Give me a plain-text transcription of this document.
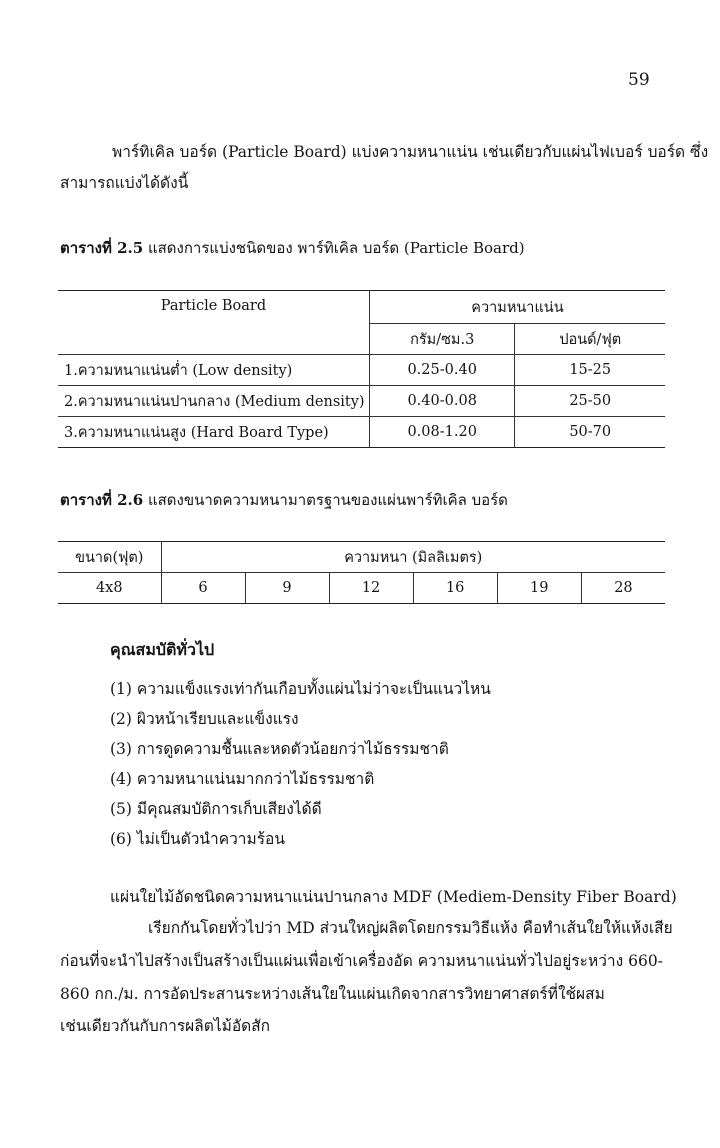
59
พาร์ทิเคิล บอร์ด (Particle Board) แบ่งความหนาแน่น เช่นเดียวกับแผ่นไฟเบอร์ บอร์ด ซึ่ง
สามารถแบ่งได้ดังนี้
ตารางที่ 2.5 แสดงการแบ่งชนิดของ พาร์ทิเคิล บอร์ด (Particle Board)
Particle Board	ความหนาแน่น	
	กรัม/ซม.3	ปอนด์/ฟุต
1.ความหนาแน่นต่ำ (Low density)	0.25-0.40	15-25
2.ความหนาแน่นปานกลาง (Medium density)	0.40-0.08	25-50
3.ความหนาแน่นสูง (Hard Board Type)	0.08-1.20	50-70
ตารางที่ 2.6 แสดงขนาดความหนามาตรฐานของแผ่นพาร์ทิเคิล บอร์ด
ขนาด(ฟุต)	ความหนา (มิลลิเมตร)					
4x8	6	9	12	16	19	28
คุณสมบัติทั่วไป
(1) ความแข็งแรงเท่ากันเกือบทั้งแผ่นไม่ว่าจะเป็นแนวไหน
(2) ผิวหน้าเรียบและแข็งแรง
(3) การดูดความชื้นและหดตัวน้อยกว่าไม้ธรรมชาติ
(4) ความหนาแน่นมากกว่าไม้ธรรมชาติ
(5) มีคุณสมบัติการเก็บเสียงได้ดี
(6) ไม่เป็นตัวนำความร้อน
แผ่นใยไม้อัดชนิดความหนาแน่นปานกลาง MDF (Mediem-Density Fiber Board)
เรียกกันโดยทั่วไปว่า MD ส่วนใหญ่ผลิตโดยกรรมวิธีแห้ง คือทำเส้นใยให้แห้งเสีย
ก่อนที่จะนำไปสร้างเป็นสร้างเป็นแผ่นเพื่อเข้าเครื่องอัด ความหนาแน่นทั่วไปอยู่ระหว่าง 660-
860 กก./ม. การอัดประสานระหว่างเส้นใยในแผ่นเกิดจากสารวิทยาศาสตร์ที่ใช้ผสม
เช่นเดียวกันกับการผลิตไม้อัดสัก
